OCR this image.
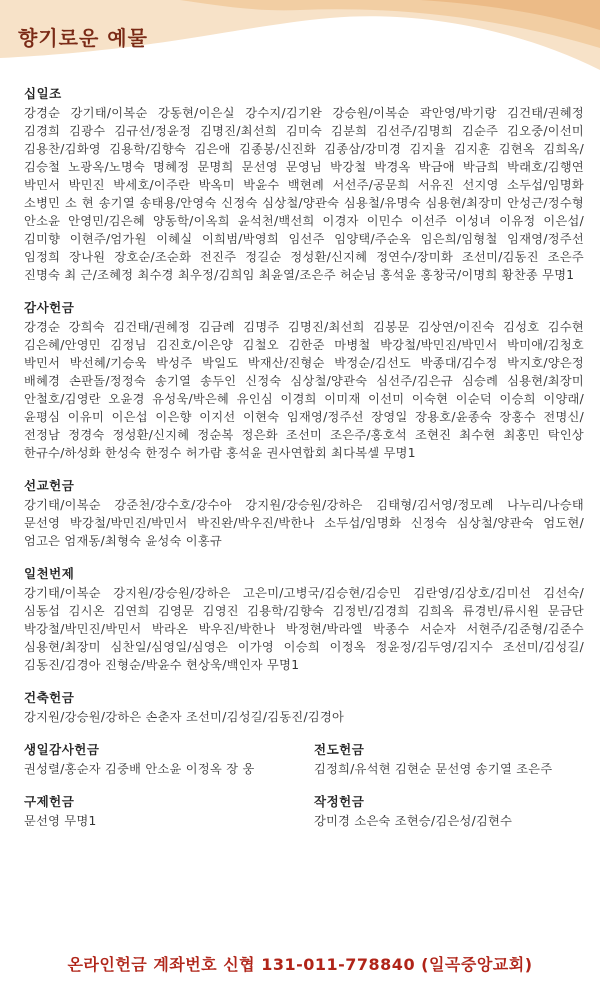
향기로운 예물
십일조
강경순 강기태/이복순 강동현/이은실 강수지/김기완 강승원/이복순 곽안영/박기랑 김건태/권혜정 김경희 김광수 김규선/정윤정 김명진/최선희 김미숙 김분희 김선주/김명희 김순주 김오중/이선미 김용찬/김화영 김용학/김향숙 김은애 김종봉/신진화 김종삼/강미경 김지율 김지훈 김현옥 김희옥/김승철 노광옥/노명숙 명혜정 문명희 문선영 문영님 박강철 박경옥 박금애 박금희 박래호/김행연 박민서 박민진 박세호/이주란 박옥미 박윤수 백현례 서선주/공문희 서유진 선지영 소두섭/임명화 소병민 소 현 송기열 송태용/안영숙 신정숙 심상철/양관숙 심용철/유명숙 심용현/최장미 안성근/정수형 안소윤 안영민/김은혜 양동학/이옥희 윤석천/백선희 이경자 이민수 이선주 이성녀 이유정 이은섭/김미향 이현주/엄가원 이혜실 이희범/박영희 임선주 임양택/주순옥 임은희/임형철 임재영/정주선 임정희 장나원 장호순/조순화 전진주 정길순 정성환/신지혜 정연수/장미화 조선미/김동진 조은주 진명숙 최 근/조혜정 최수경 최우정/김희임 최윤열/조은주 허순님 홍석윤 홍창국/이명희 황찬종 무명1
감사헌금
강경순 강희숙 김건태/권혜정 김금례 김명주 김명진/최선희 김봉문 김상연/이진숙 김성호 김수현 김은혜/안영민 김정님 김진호/이은양 김철오 김한준 마병철 박강철/박민진/박민서 박미애/김청호 박민서 박선혜/기승욱 박성주 박일도 박재산/진형순 박정순/김선도 박종대/김수정 박지호/양은정 배혜경 손판돌/정정숙 송기열 송두인 신정숙 심상철/양관숙 심선주/김은규 심승례 심용현/최장미 안철호/김영란 오윤경 유성욱/박은혜 유인심 이경희 이미재 이선미 이숙현 이순덕 이승희 이양래/윤평심 이유미 이은섭 이은향 이지선 이현숙 임재영/정주선 장영일 장용호/윤종숙 장홍수 전명신/전정남 정경숙 정성환/신지혜 정순복 정은화 조선미 조은주/홍호석 조현진 최수현 최홍민 탁인상 한규수/하성화 한성숙 한정수 허가람 홍석윤 권사연합회 최다복셀 무명1
선교헌금
강기태/이복순 강준천/강수호/강수아 강지원/강승원/강하은 김태형/김서영/정모례 나누리/나승태 문선영 박강철/박민진/박민서 박진완/박우진/박한나 소두섭/임명화 신정숙 심상철/양관숙 엄도현/엄고은 엄재동/최형숙 윤성숙 이홍규
일천번제
강기태/이복순 강지원/강승원/강하은 고은미/고병국/김승현/김승민 김란영/김상호/김미선 김선숙/심동섭 김시온 김연희 김영문 김영진 김용학/김향숙 김정빈/김경희 김희옥 류경빈/류시원 문금단 박강철/박민진/박민서 박라온 박우진/박한나 박정현/박라엘 박종수 서순자 서현주/김준형/김준수 심용현/최장미 심찬일/심영일/심영은 이가영 이승희 이정옥 정윤정/김두영/김지수 조선미/김성길/김동진/김경아 진형순/박윤수 현상욱/백인자 무명1
건축헌금
강지원/강승원/강하은 손춘자 조선미/김성길/김동진/김경아
생일감사헌금
권성렬/홍순자 김중배 안소윤 이정옥 장 웅
전도헌금
김정희/유석현 김현순 문선영 송기열 조은주
구제헌금
문선영 무명1
작정헌금
강미경 소은숙 조현승/김은성/김현수
온라인헌금 계좌번호 신협 131-011-778840 (일곡중앙교회)
